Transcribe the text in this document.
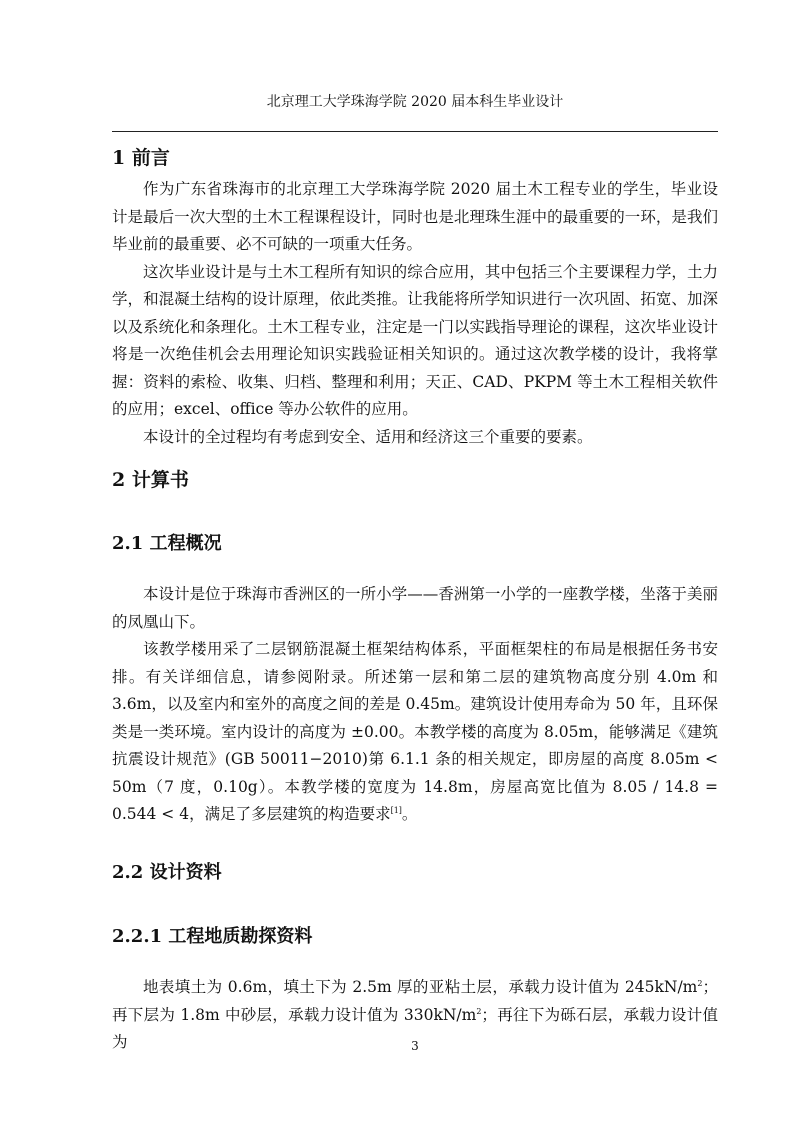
北京理工大学珠海学院 2020 届本科生毕业设计
1 前言

作为广东省珠海市的北京理工大学珠海学院 2020 届土木工程专业的学生，毕业设计是最后一次大型的土木工程课程设计，同时也是北理珠生涯中的最重要的一环，是我们毕业前的最重要、必不可缺的一项重大任务。

这次毕业设计是与土木工程所有知识的综合应用，其中包括三个主要课程力学，土力学，和混凝土结构的设计原理，依此类推。让我能将所学知识进行一次巩固、拓宽、加深以及系统化和条理化。土木工程专业，注定是一门以实践指导理论的课程，这次毕业设计将是一次绝佳机会去用理论知识实践验证相关知识的。通过这次教学楼的设计，我将掌握：资料的索检、收集、归档、整理和利用；天正、CAD、PKPM 等土木工程相关软件的应用；excel、office 等办公软件的应用。

本设计的全过程均有考虑到安全、适用和经济这三个重要的要素。

2 计算书
2.1 工程概况

本设计是位于珠海市香洲区的一所小学——香洲第一小学的一座教学楼，坐落于美丽的凤凰山下。

该教学楼用采了二层钢筋混凝土框架结构体系，平面框架柱的布局是根据任务书安排。有关详细信息，请参阅附录。所述第一层和第二层的建筑物高度分别 4.0m 和 3.6m，以及室内和室外的高度之间的差是 0.45m。建筑设计使用寿命为 50 年，且环保类是一类环境。室内设计的高度为 ±0.00。本教学楼的高度为 8.05m，能够满足《建筑抗震设计规范》(GB 50011−2010)第 6.1.1 条的相关规定，即房屋的高度 8.05m < 50m（7 度，0.10g）。本教学楼的宽度为 14.8m，房屋高宽比值为 8.05 / 14.8 = 0.544 < 4，满足了多层建筑的构造要求[1]。

2.2 设计资料
2.2.1 工程地质勘探资料

地表填土为 0.6m，填土下为 2.5m 厚的亚粘土层，承载力设计值为 $245kN/m^2$；再下层为 1.8m 中砂层，承载力设计值为 $330kN/m^2$；再往下为砾石层，承载力设计值为	3
